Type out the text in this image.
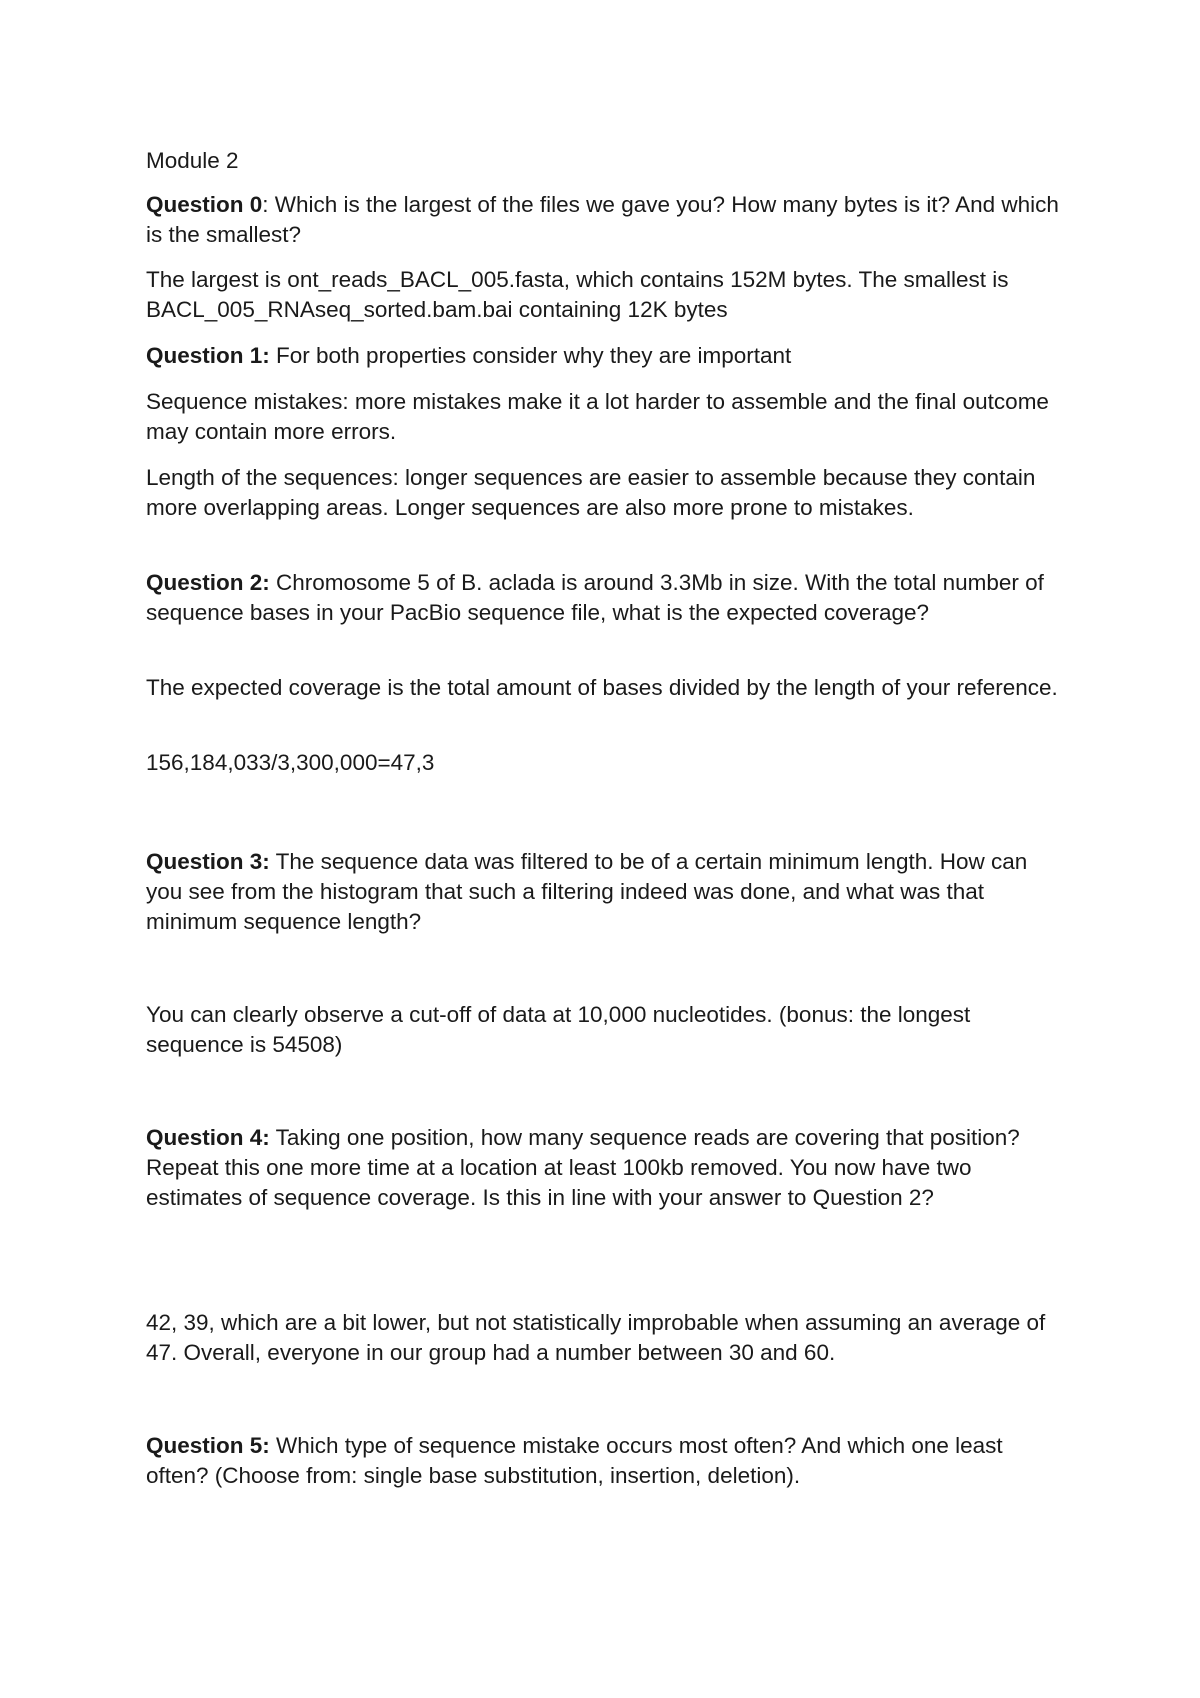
Module 2

Question 0: Which is the largest of the files we gave you? How many bytes is it? And which is the smallest?

The largest is ont_reads_BACL_005.fasta, which contains 152M bytes. The smallest is BACL_005_RNAseq_sorted.bam.bai containing 12K bytes

Question 1: For both properties consider why they are important

Sequence mistakes: more mistakes make it a lot harder to assemble and the final outcome may contain more errors.

Length of the sequences: longer sequences are easier to assemble because they contain more overlapping areas. Longer sequences are also more prone to mistakes.

Question 2: Chromosome 5 of B. aclada is around 3.3Mb in size. With the total number of sequence bases in your PacBio sequence file, what is the expected coverage?

The expected coverage is the total amount of bases divided by the length of your reference.

156,184,033/3,300,000=47,3

Question 3: The sequence data was filtered to be of a certain minimum length. How can you see from the histogram that such a filtering indeed was done, and what was that minimum sequence length?

You can clearly observe a cut-off of data at 10,000 nucleotides. (bonus: the longest sequence is 54508)

Question 4: Taking one position, how many sequence reads are covering that position? Repeat this one more time at a location at least 100kb removed. You now have two estimates of sequence coverage. Is this in line with your answer to Question 2?

42, 39, which are a bit lower, but not statistically improbable when assuming an average of 47. Overall, everyone in our group had a number between 30 and 60.

Question 5: Which type of sequence mistake occurs most often? And which one least often? (Choose from: single base substitution, insertion, deletion).
